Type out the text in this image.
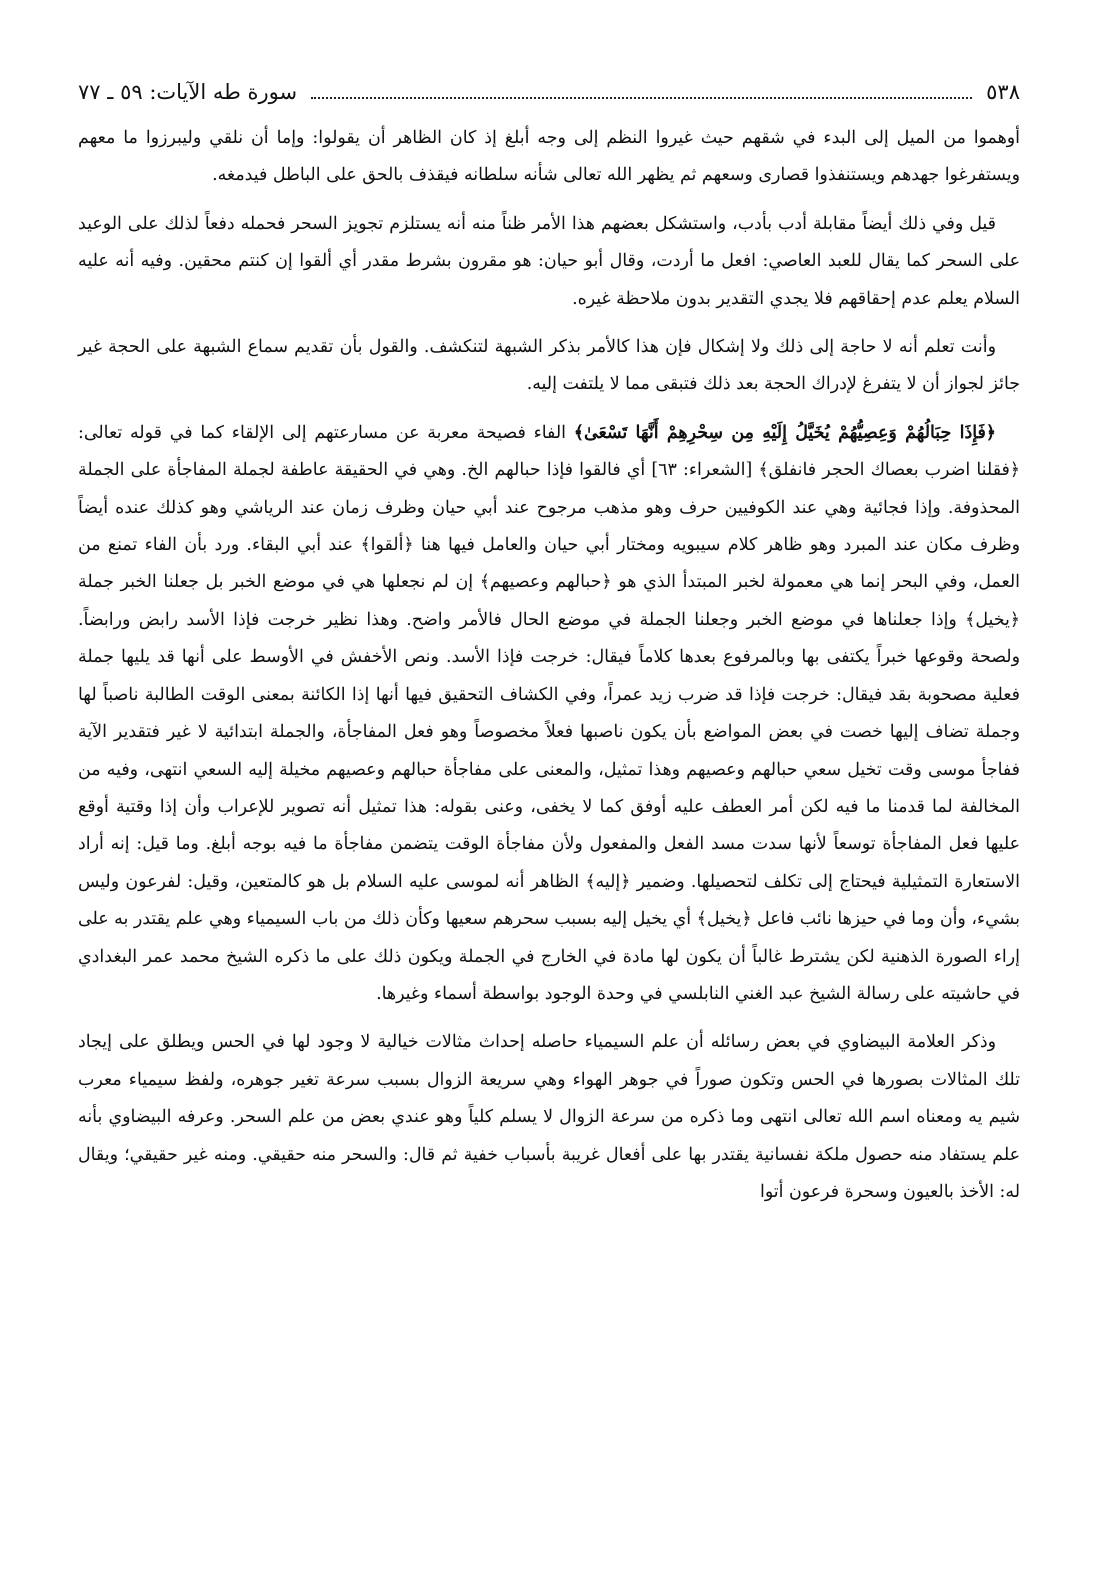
٥٣٨
سورة طه الآيات: ٥٩ ـ ٧٧

أوهموا من الميل إلى البدء في شقهم حيث غيروا النظم إلى وجه أبلغ إذ كان الظاهر أن يقولوا: وإما أن نلقي وليبرزوا ما معهم ويستفرغوا جهدهم ويستنفذوا قصارى وسعهم ثم يظهر الله تعالى شأنه سلطانه فيقذف بالحق على الباطل فيدمغه.

قيل وفي ذلك أيضاً مقابلة أدب بأدب، واستشكل بعضهم هذا الأمر ظناً منه أنه يستلزم تجويز السحر فحمله دفعاً لذلك على الوعيد على السحر كما يقال للعبد العاصي: افعل ما أردت، وقال أبو حيان: هو مقرون بشرط مقدر أي ألقوا إن كنتم محقين. وفيه أنه عليه السلام يعلم عدم إحقاقهم فلا يجدي التقدير بدون ملاحظة غيره.

وأنت تعلم أنه لا حاجة إلى ذلك ولا إشكال فإن هذا كالأمر بذكر الشبهة لتنكشف. والقول بأن تقديم سماع الشبهة على الحجة غير جائز لجواز أن لا يتفرغ لإدراك الحجة بعد ذلك فتبقى مما لا يلتفت إليه.

﴿فَإِذَا حِبَالُهُمْ وَعِصِيُّهُمْ يُخَيَّلُ إِلَيْهِ مِن سِحْرِهِمْ أَنَّهَا تَسْعَىٰ﴾ الفاء فصيحة معربة عن مسارعتهم إلى الإلقاء كما في قوله تعالى: ﴿فقلنا اضرب بعصاك الحجر فانفلق﴾ [الشعراء: ٦٣] أي فالقوا فإذا حبالهم الخ. وهي في الحقيقة عاطفة لجملة المفاجأة على الجملة المحذوفة. وإذا فجائية وهي عند الكوفيين حرف وهو مذهب مرجوح عند أبي حيان وظرف زمان عند الرياشي وهو كذلك عنده أيضاً وظرف مكان عند المبرد وهو ظاهر كلام سيبويه ومختار أبي حيان والعامل فيها هنا ﴿ألقوا﴾ عند أبي البقاء. ورد بأن الفاء تمنع من العمل، وفي البحر إنما هي معمولة لخبر المبتدأ الذي هو ﴿حبالهم وعصيهم﴾ إن لم نجعلها هي في موضع الخبر بل جعلنا الخبر جملة ﴿يخيل﴾ وإذا جعلناها في موضع الخبر وجعلنا الجملة في موضع الحال فالأمر واضح. وهذا نظير خرجت فإذا الأسد رابض ورابضاً. ولصحة وقوعها خبراً يكتفى بها وبالمرفوع بعدها كلاماً فيقال: خرجت فإذا الأسد. ونص الأخفش في الأوسط على أنها قد يليها جملة فعلية مصحوبة بقد فيقال: خرجت فإذا قد ضرب زيد عمراً، وفي الكشاف التحقيق فيها أنها إذا الكائنة بمعنى الوقت الطالبة ناصباً لها وجملة تضاف إليها خصت في بعض المواضع بأن يكون ناصبها فعلاً مخصوصاً وهو فعل المفاجأة، والجملة ابتدائية لا غير فتقدير الآية ففاجأ موسى وقت تخيل سعي حبالهم وعصيهم وهذا تمثيل، والمعنى على مفاجأة حبالهم وعصيهم مخيلة إليه السعي انتهى، وفيه من المخالفة لما قدمنا ما فيه لكن أمر العطف عليه أوفق كما لا يخفى، وعنى بقوله: هذا تمثيل أنه تصوير للإعراب وأن إذا وقتية أوقع عليها فعل المفاجأة توسعاً لأنها سدت مسد الفعل والمفعول ولأن مفاجأة الوقت يتضمن مفاجأة ما فيه بوجه أبلغ. وما قيل: إنه أراد الاستعارة التمثيلية فيحتاج إلى تكلف لتحصيلها. وضمير ﴿إليه﴾ الظاهر أنه لموسى عليه السلام بل هو كالمتعين، وقيل: لفرعون وليس بشيء، وأن وما في حيزها نائب فاعل ﴿يخيل﴾ أي يخيل إليه بسبب سحرهم سعيها وكأن ذلك من باب السيمياء وهي علم يقتدر به على إراء الصورة الذهنية لكن يشترط غالباً أن يكون لها مادة في الخارج في الجملة ويكون ذلك على ما ذكره الشيخ محمد عمر البغدادي في حاشيته على رسالة الشيخ عبد الغني النابلسي في وحدة الوجود بواسطة أسماء وغيرها.

وذكر العلامة البيضاوي في بعض رسائله أن علم السيمياء حاصله إحداث مثالات خيالية لا وجود لها في الحس ويطلق على إيجاد تلك المثالات بصورها في الحس وتكون صوراً في جوهر الهواء وهي سريعة الزوال بسبب سرعة تغير جوهره، ولفظ سيمياء معرب شيم يه ومعناه اسم الله تعالى انتهى وما ذكره من سرعة الزوال لا يسلم كلياً وهو عندي بعض من علم السحر. وعرفه البيضاوي بأنه علم يستفاد منه حصول ملكة نفسانية يقتدر بها على أفعال غريبة بأسباب خفية ثم قال: والسحر منه حقيقي. ومنه غير حقيقي؛ ويقال له: الأخذ بالعيون وسحرة فرعون أتوا
